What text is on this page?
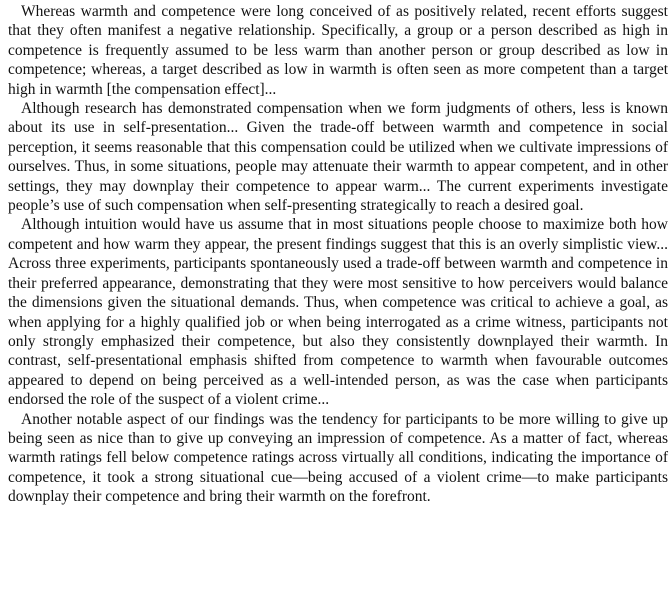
Whereas warmth and competence were long conceived of as positively related, recent efforts suggest that they often manifest a negative relationship. Specifically, a group or a person described as high in competence is frequently assumed to be less warm than another person or group described as low in competence; whereas, a target described as low in warmth is often seen as more competent than a target high in warmth [the compensation effect]...

Although research has demonstrated compensation when we form judgments of others, less is known about its use in self-presentation... Given the trade-off between warmth and competence in social perception, it seems reasonable that this compensation could be utilized when we cultivate impressions of ourselves. Thus, in some situations, people may attenuate their warmth to appear competent, and in other settings, they may downplay their competence to appear warm... The current experiments investigate people’s use of such compensation when self-presenting strategically to reach a desired goal.

Although intuition would have us assume that in most situations people choose to maximize both how competent and how warm they appear, the present findings suggest that this is an overly simplistic view... Across three experiments, participants spontaneously used a trade-off between warmth and competence in their preferred appearance, demonstrating that they were most sensitive to how perceivers would balance the dimensions given the situational demands. Thus, when competence was critical to achieve a goal, as when applying for a highly qualified job or when being interrogated as a crime witness, participants not only strongly emphasized their competence, but also they consistently downplayed their warmth. In contrast, self-presentational emphasis shifted from competence to warmth when favourable outcomes appeared to depend on being perceived as a well-intended person, as was the case when participants endorsed the role of the suspect of a violent crime...

Another notable aspect of our findings was the tendency for participants to be more willing to give up being seen as nice than to give up conveying an impression of competence. As a matter of fact, whereas warmth ratings fell below competence ratings across virtually all conditions, indicating the importance of competence, it took a strong situational cue—being accused of a violent crime—to make participants downplay their competence and bring their warmth on the forefront.
